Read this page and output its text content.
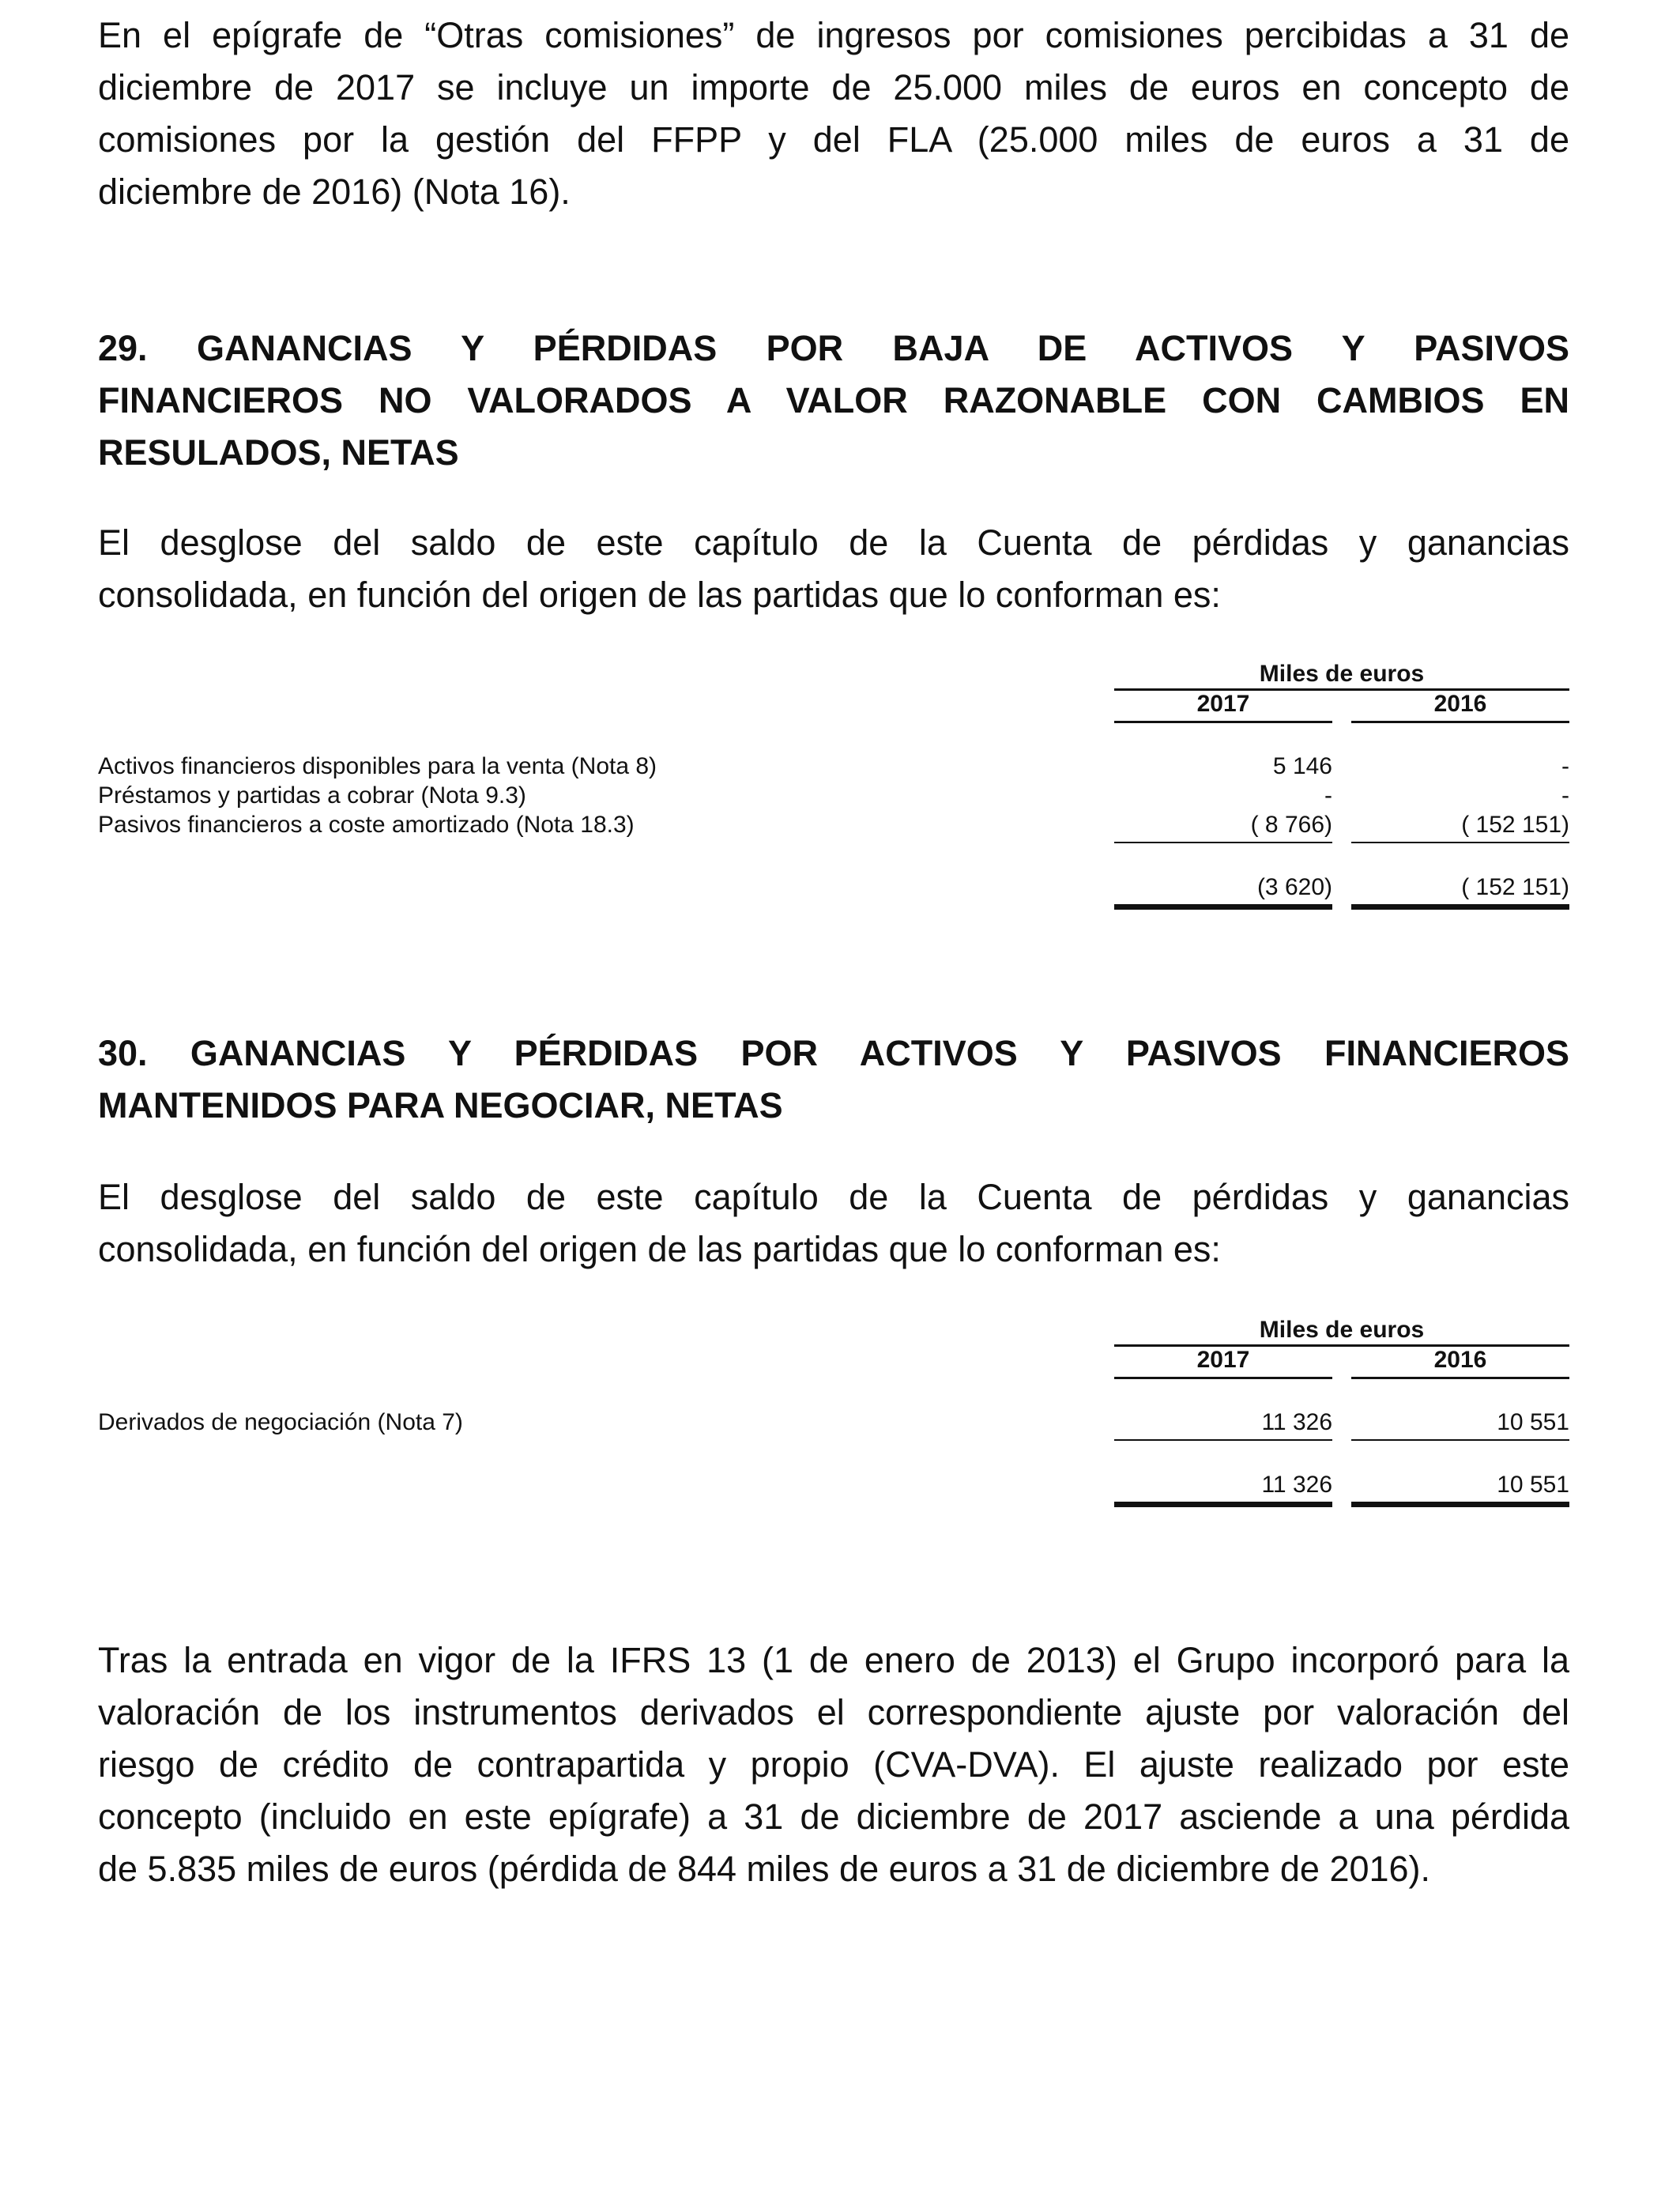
En el epígrafe de “Otras comisiones” de ingresos por comisiones percibidas a 31 de
diciembre de 2017 se incluye un importe de 25.000 miles de euros en concepto de
comisiones por la gestión del FFPP y del FLA (25.000 miles de euros a 31 de
diciembre de 2016) (Nota 16).
29. GANANCIAS Y PÉRDIDAS POR BAJA DE ACTIVOS Y PASIVOS
FINANCIEROS NO VALORADOS A VALOR RAZONABLE CON CAMBIOS EN
RESULADOS, NETAS
El desglose del saldo de este capítulo de la Cuenta de pérdidas y ganancias
consolidada, en función del origen de las partidas que lo conforman es:
Miles de euros
2017	2016
Activos financieros disponibles para la venta (Nota 8)	5 146	-
Préstamos y partidas a cobrar (Nota 9.3)	-	-
Pasivos financieros a coste amortizado (Nota 18.3)	( 8 766)	( 152 151)
(3 620)	( 152 151)
30. GANANCIAS Y PÉRDIDAS POR ACTIVOS Y PASIVOS FINANCIEROS
MANTENIDOS PARA NEGOCIAR, NETAS
El desglose del saldo de este capítulo de la Cuenta de pérdidas y ganancias
consolidada, en función del origen de las partidas que lo conforman es:
Miles de euros
2017	2016
Derivados de negociación (Nota 7)	11 326	10 551
11 326	10 551
Tras la entrada en vigor de la IFRS 13 (1 de enero de 2013) el Grupo incorporó para la
valoración de los instrumentos derivados el correspondiente ajuste por valoración del
riesgo de crédito de contrapartida y propio (CVA-DVA). El ajuste realizado por este
concepto (incluido en este epígrafe) a 31 de diciembre de 2017 asciende a una pérdida
de 5.835 miles de euros (pérdida de 844 miles de euros a 31 de diciembre de 2016).
